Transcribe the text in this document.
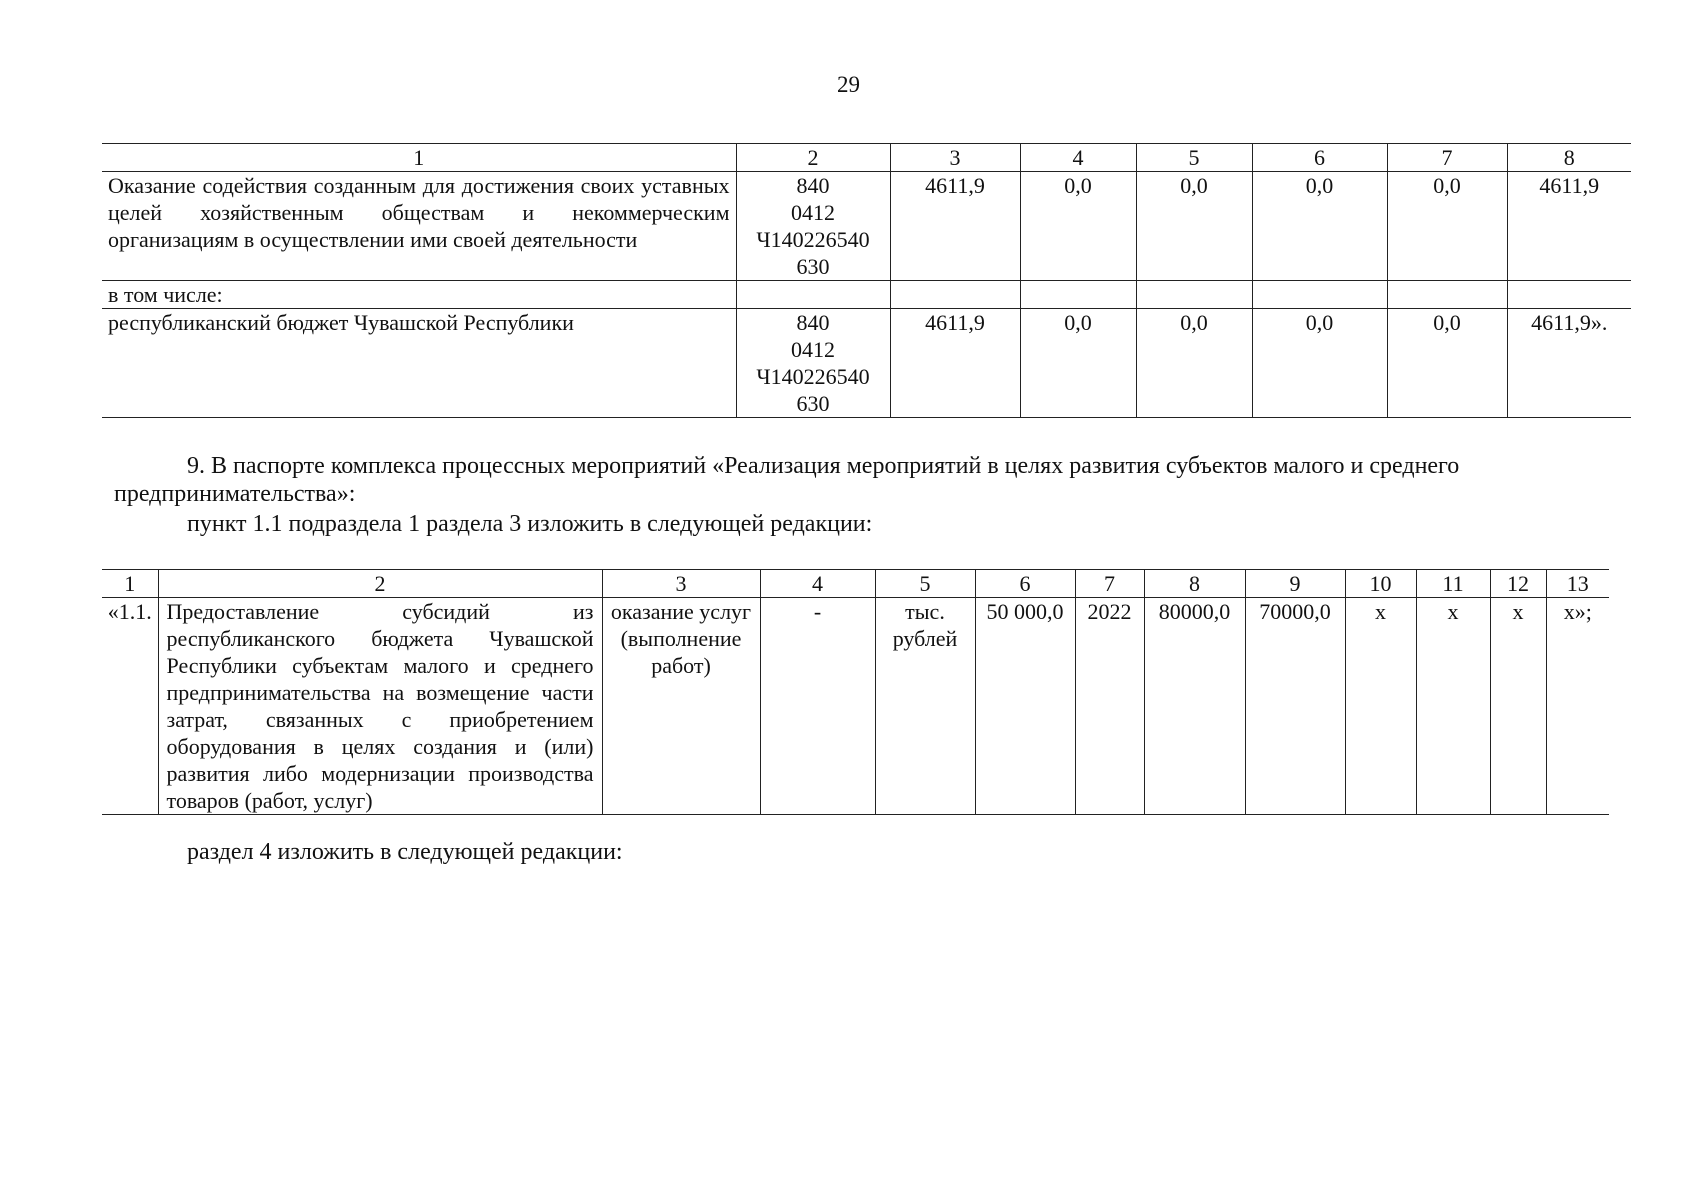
29
1	2	3	4	5	6	7	8
Оказание содействия созданным для достижения своих уставных целей хозяйственным обществам и некоммерческим организациям в осуществлении ими своей деятельности	840
0412
Ч140226540
630	4611,9	0,0	0,0	0,0	0,0	4611,9
в том числе:							
республиканский бюджет Чувашской Республики	840
0412
Ч140226540
630	4611,9	0,0	0,0	0,0	0,0	4611,9».
9. В паспорте комплекса процессных мероприятий «Реализация мероприятий в целях развития субъектов малого и среднего
предпринимательства»:
пункт 1.1 подраздела 1 раздела 3 изложить в следующей редакции:
1	2	3	4	5	6	7	8	9	10	11	12	13
«1.1.	Предоставление субсидий из республиканского бюджета Чувашской Республики субъектам малого и среднего предпринимательства на возмещение части затрат, связанных с приобретением оборудования в целях создания и (или) развития либо модернизации производства товаров (работ, услуг)	оказание услуг (выполнение работ)	-	тыс. рублей	50 000,0	2022	80000,0	70000,0	х	х	х	х»;
раздел 4 изложить в следующей редакции:
